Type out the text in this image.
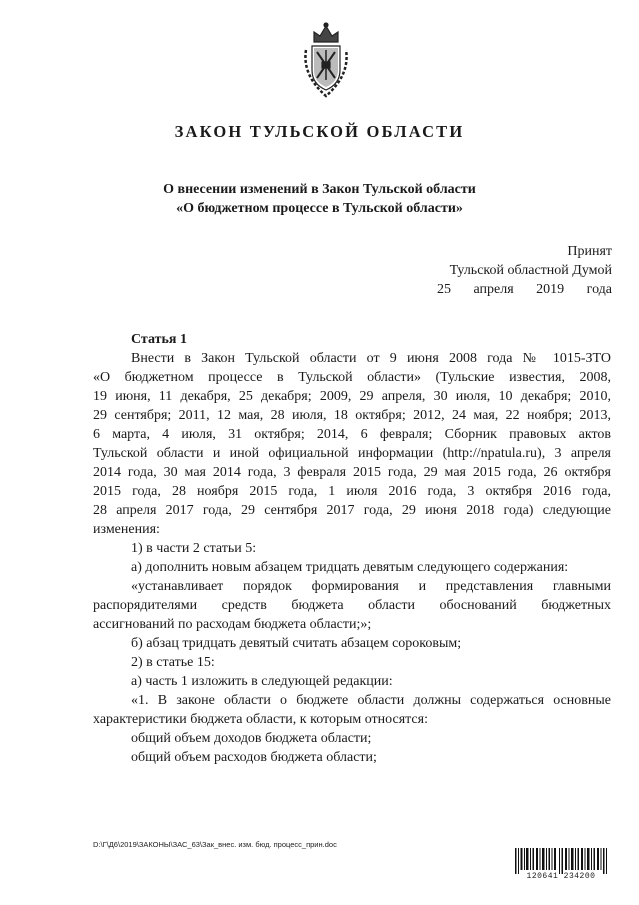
ЗАКОН ТУЛЬСКОЙ ОБЛАСТИ
О внесении изменений в Закон Тульской области
«О бюджетном процессе в Тульской области»
Принят
Тульской областной Думой
25 апреля 2019 года

Статья 1

Внести в Закон Тульской области от 9 июня 2008 года № 1015-ЗТО

«О бюджетном процессе в Тульской области» (Тульские известия, 2008,

19 июня, 11 декабря, 25 декабря; 2009, 29 апреля, 30 июля, 10 декабря; 2010,

29 сентября; 2011, 12 мая, 28 июля, 18 октября; 2012, 24 мая, 22 ноября; 2013,

6 марта, 4 июля, 31 октября; 2014, 6 февраля; Сборник правовых актов

Тульской области и иной официальной информации (http://npatula.ru), 3 апреля

2014 года, 30 мая 2014 года, 3 февраля 2015 года, 29 мая 2015 года, 26 октября

2015 года, 28 ноября 2015 года, 1 июля 2016 года, 3 октября 2016 года,

28 апреля 2017 года, 29 сентября 2017 года, 29 июня 2018 года) следующие

изменения:

1) в части 2 статьи 5:

а) дополнить новым абзацем тридцать девятым следующего содержания:

«устанавливает порядок формирования и представления главными

распорядителями средств бюджета области обоснований бюджетных

ассигнований по расходам бюджета области;»;

б) абзац тридцать девятый считать абзацем сороковым;

2) в статье 15:

а) часть 1 изложить в следующей редакции:

«1. В законе области о бюджете области должны содержаться основные

характеристики бюджета области, к которым относятся:

общий объем доходов бюджета области;

общий объем расходов бюджета области;

D:\Г\Д6\2019\ЗАКОНЫ\ЗАС_63\Зак_внес. изм. бюд. процесс_прин.doc
120641 234200
